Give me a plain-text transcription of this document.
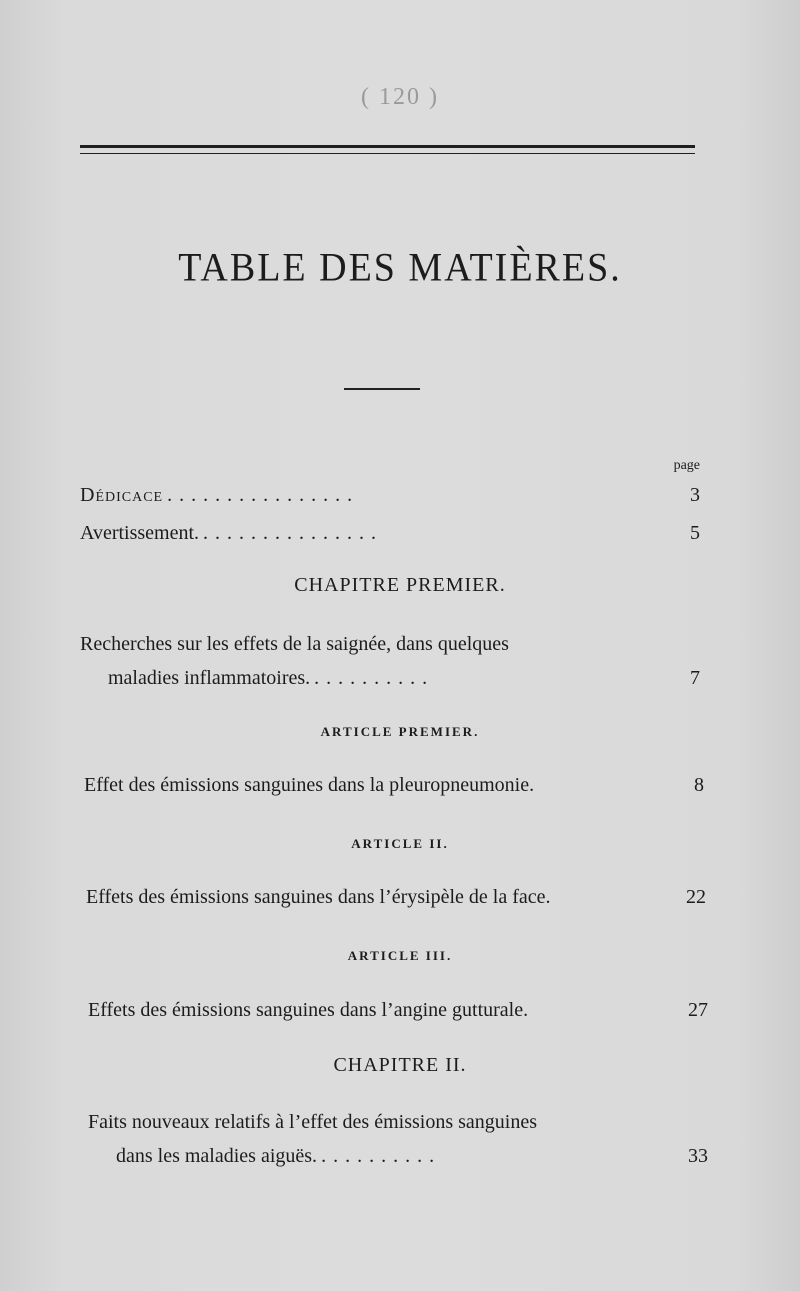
( 120 )
TABLE DES MATIÈRES.
page
Dédicace ................	3
Avertissement. ...............	5
CHAPITRE PREMIER.
Recherches sur les effets de la saignée, dans quelques
maladies inflammatoires. ..........	7
ARTICLE PREMIER.
Effet des émissions sanguines dans la pleuropneumonie.	8
ARTICLE II.
Effets des émissions sanguines dans l’érysipèle de la face.	22
ARTICLE III.
Effets des émissions sanguines dans l’angine gutturale.	27
CHAPITRE II.
Faits nouveaux relatifs à l’effet des émissions sanguines
dans les maladies aiguës. ..........	33
